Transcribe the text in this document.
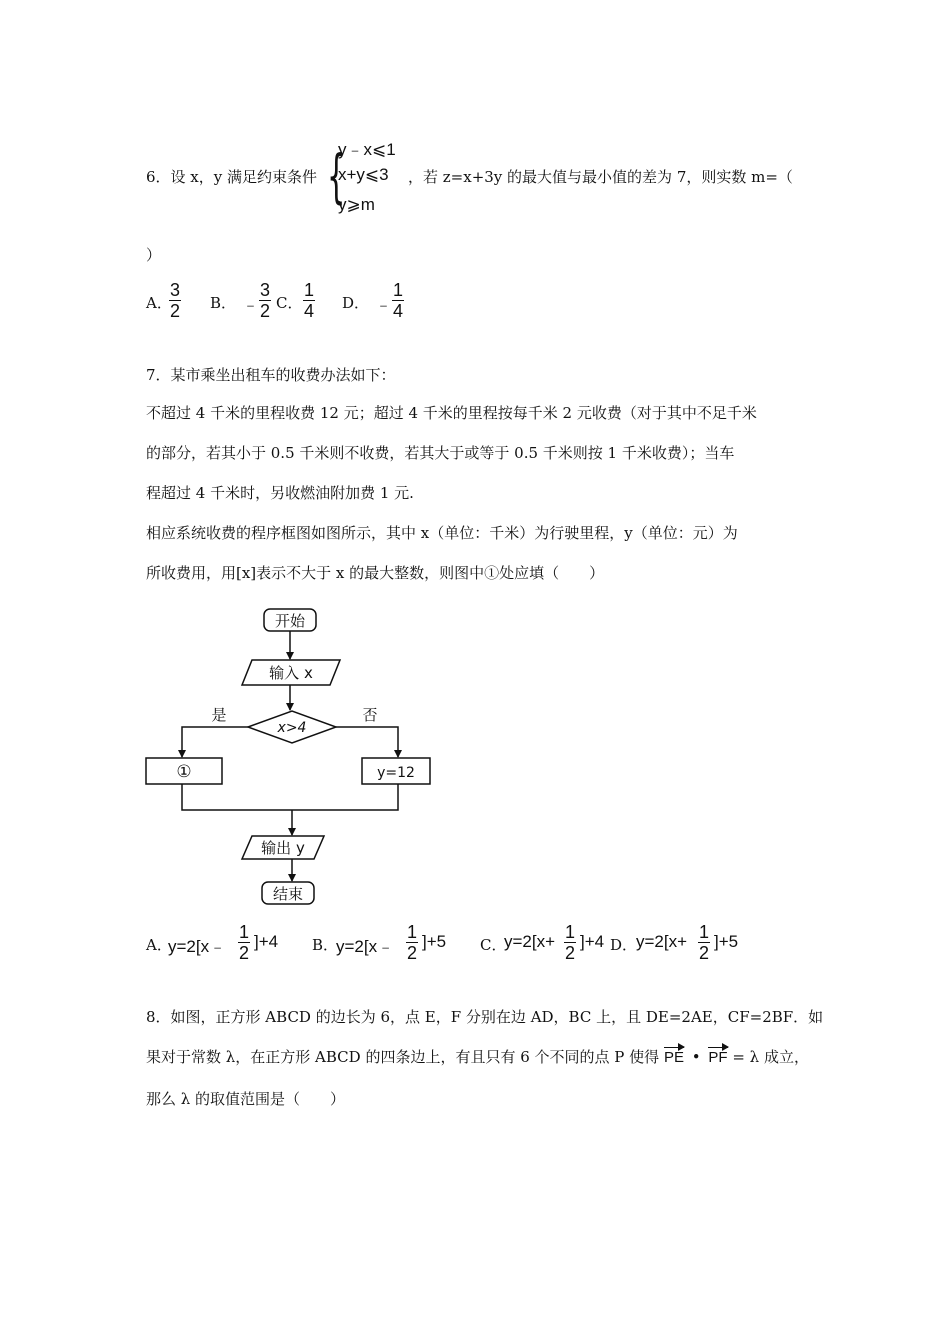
{
y﹣x⩽1
x+y⩽3
y⩾m
6．设 x，y 满足约束条件	，若 z=x+3y 的最大值与最小值的差为 7，则实数 m=（
）
A．
$\frac{3}{2}$ B． ﹣ $\frac{3}{2}$ C． $\frac{1}{4}$ D． ﹣ $\frac{1}{4}$
7．某市乘坐出租车的收费办法如下：
不超过 4 千米的里程收费 12 元；超过 4 千米的里程按每千米 2 元收费（对于其中不足千米
的部分，若其小于 0.5 千米则不收费，若其大于或等于 0.5 千米则按 1 千米收费）；当车
程超过 4 千米时，另收燃油附加费 1 元.
相应系统收费的程序框图如图所示，其中 x（单位：千米）为行驶里程，y（单位：元）为
所收费用，用[x]表示不大于 x 的最大整数，则图中①处应填（　　）
开始
输入 x
x>4
是	否
①	y=12
输出 y
结束
A．
y=2[x﹣ $\frac{1}{2} ]+4$ B．
y=2[x﹣ $\frac{1}{2} ]+5$ C．
$y=2[x+ \frac{1}{2} ]+4$ D．
$y=2[x+ \frac{1}{2} ]+5$
8．如图，正方形 ABCD 的边长为 6，点 E，F 分别在边 AD，BC 上，且 DE=2AE，CF=2BF．如
果对于常数 λ，在正方形 ABCD 的四条边上，有且只有 6 个不同的点 P 使得 PE • PF = λ 成立，
那么 λ 的取值范围是（　　）
